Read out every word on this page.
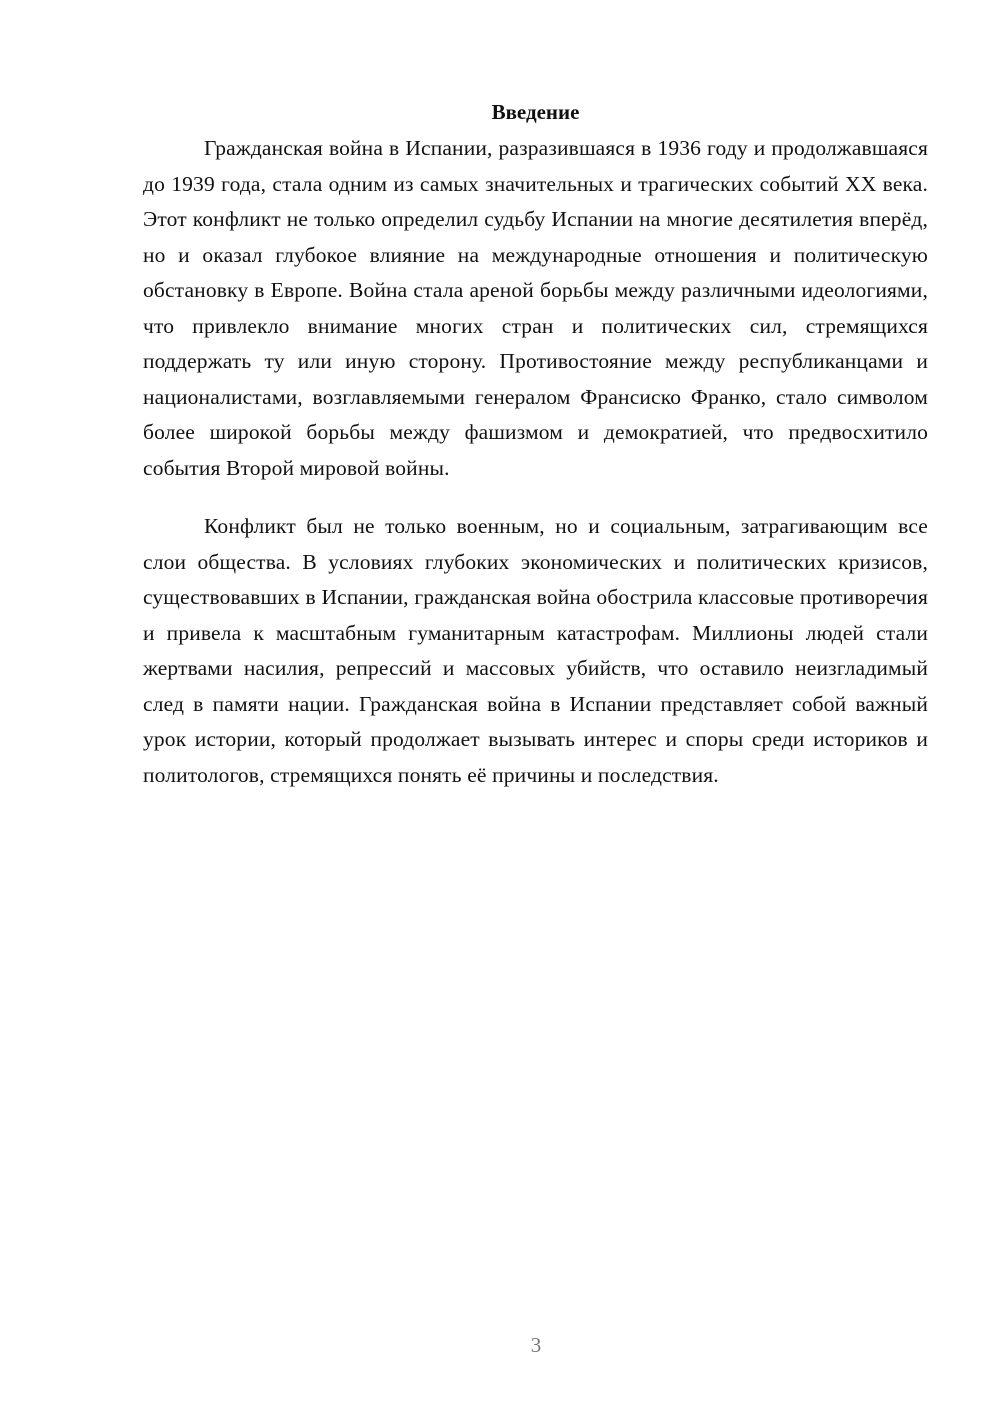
Введение

Гражданская война в Испании, разразившаяся в 1936 году и продолжавшаяся до 1939 года, стала одним из самых значительных и трагических событий XX века. Этот конфликт не только определил судьбу Испании на многие десятилетия вперёд, но и оказал глубокое влияние на международные отношения и политическую обстановку в Европе. Война стала ареной борьбы между различными идеологиями, что привлекло внимание многих стран и политических сил, стремящихся поддержать ту или иную сторону. Противостояние между республиканцами и националистами, возглавляемыми генералом Франсиско Франко, стало символом более широкой борьбы между фашизмом и демократией, что предвосхитило события Второй мировой войны.

Конфликт был не только военным, но и социальным, затрагивающим все слои общества. В условиях глубоких экономических и политических кризисов, существовавших в Испании, гражданская война обострила классовые противоречия и привела к масштабным гуманитарным катастрофам. Миллионы людей стали жертвами насилия, репрессий и массовых убийств, что оставило неизгладимый след в памяти нации. Гражданская война в Испании представляет собой важный урок истории, который продолжает вызывать интерес и споры среди историков и политологов, стремящихся понять её причины и последствия.

3
